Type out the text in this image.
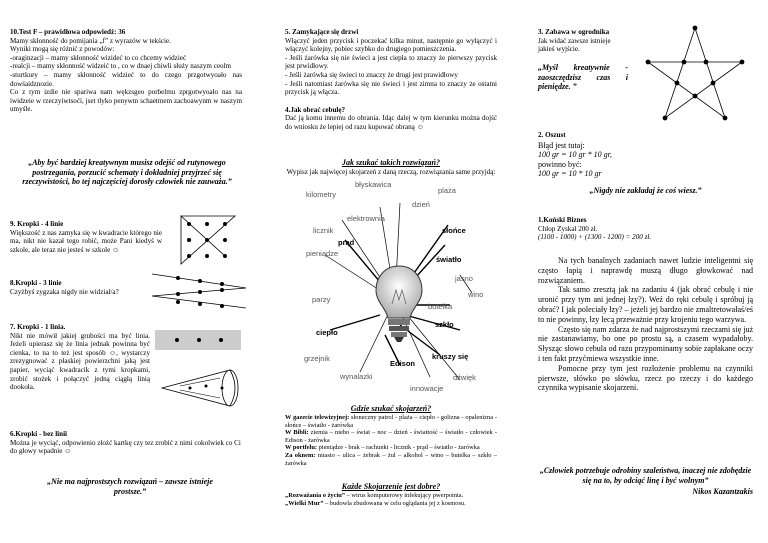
10.Test F – prawidłowa odpowiedź: 36

Mamy skłonność do pomijania „f” z wyrazów w tekście.

Wyniki mogą się różnić z powodów:

-oraginzacji – mamy skłonność wizideć to co chcemy widzieć

-realcji – mamy skłonność widzeić to , co w dnaej chiwli służy naszym ceolm

-sturtkury – mamy skłonność widzieć to do czego przgotwyoało nas dowśaidznozie.

Co z tym izdie nie spariwa nam wękzsgeo porbelmu zprgotwyoało nas na iwidzeie w rzeczyiwtsoći, jset tlyko penywm schaetmem zachoawynm w naszym umyśle.

„Aby być bardziej kreatywnym musisz odejść od rutynowego postrzegania, porzucić schematy i dokładniej przyjrzeć się rzeczywistości, bo tej najczęściej dorosły człowiek nie zauważa.”

9. Kropki - 4 linie

Większość z nas zamyka się w kwadracie którego nie ma, nikt nie kazał tego robić, może Pani kiedyś w szkole, ale teraz nie jesteś w szkole ☺

8.Kropki - 3 linie

Czyżbyś zygzaka nigdy nie widział/a?

7. Kropki - 1 linia.

Nikt nie mówił jakiej grubości ma być linia. Jeżeli upierasz się że linia jednak powinna być cienka, to na to też jest sposób ☺, wystarczy zrezygnować z płaskiej powierzchni jaką jest papier, wyciąć kwadracik z tymi kropkami, zrobić stożek i połączyć jedną ciągłą linią dookoła.

6.Kropki - bez linii

Można je wyciąć, odpowienio złożć kartkę czy tez zrobić z nimi cokolwiek co Ci do głowy wpadnie ☺

„Nie ma najprostszych rozwiązań – zawsze istnieje prostsze.”

5. Zamykające się drzwi

Włączyć jeden przycisk i poczekać kilka minut, następnie go wyłączyć i włączyć kolejny, pobiec szybko do drugiego pomieszczenia.

- Jeśli żarówka się nie świeci a jest ciepła to znaczy że pierwszy pzycisk jest prwidłowy.

- Jeśli żarówka się świeci to znaczy że drugi jest prawidłowy

- Jeśli natomiast żarówka się nie świeci i jest zimna to znaczy że ostatni przycisk ją włącza.

4.Jak obrać cebulę?

Dać ją komu innemu do obrania. Idąc dalej w tym kierunku można dojść do wniosku że lepiej od razu kupować obraną ☺

Jak szukać takich rozwiązań?
Wypisz jak najwięcej skojarzeń z daną rzeczą, rozwiązania same przyjdą:
kilometry
błyskawica
plaża
dzień
elektrownia
licznik
prąd
słońce
pieniądze
światło
jasno
wino
butelka
parzy
szkło
ciepło
kruszy się
grzejnik
Edison
dźwięk
wynalazki
innowacje
Gdzie szukać skojarzeń?

W gazecie telewizyjnej: słoneczny patrol - plaża – ciepło - golizna - opalenizna - słońce – światło - żarówka

W Bibli: ziemia – niebo – świat – noc – dzień - świattość – światło - człowiek - Edison - żarówka

W portfelu: pieniądze - brak – rachunki - licznik - prąd – światło - żarówka

Za oknem: miasto – ulica – żebrak – żul – alkohol – wino – butelka – szkło – żarówka

Każde Skojarzenie jest dobre?

„Rozważania o życiu” – wirus komputerowy infekujący pwerpointa.

„Wielki Mur” – budowla zbudowana w celu oglądania jej z kosmosu.

3. Zabawa w ogrodnika

Jak widać zawsze istnieje jakieś wyjście.

„Myśl kreatywnie - zaoszczędzisz czas i pieniędze. ”

2. Oszust

Błąd jest tutaj:

100 gr = 10 gr * 10 gr,

powinno być:

100 gr = 10 * 10 gr

„Nigdy nie zakładaj że coś wiesz.”

1.Koński Biznes

Chłop Zyskał 200 zł.

(1100 - 1000) + (1300 - 1200) = 200 zł.

Na tych banalnych zadaniach nawet ludzie inteligentni się często łapią i naprawdę muszą długo głowkować nad rozwiązaniem.

Tak samo zresztą jak na zadaniu 4 (jak obrać cebulę i nie uronić przy tym ani jednej łzy?). Weź do ręki cebulę i spróbuj ją obrać? I jak poleciały łzy? – jeżeli jej bardzo nie zmaltretowałaś/eś to nie powinny, łzy lecą przeważnie przy krojeniu tego warzywa.

Często się nam zdarza że nad najprostszymi rzeczami się już nie zastanawiamy, bo one po prostu są, a czasem wypadałoby. Słysząc słowo cebula od razu przypominamy sobie zapłakane oczy i ten fakt przyćmiewa wszystkie inne.

Pomocne przy tym jest rozłożenie problemu na czynniki pierwsze, słówko po słówku, rzecz po rzeczy i do każdego czynnika wypisanie skojarzeni.

„Człowiek potrzebuje odrobiny szaleństwa, inaczej nie zdobędzie się na to, by odciąć linę i być wolnym”
Nikos Kazantzakis
